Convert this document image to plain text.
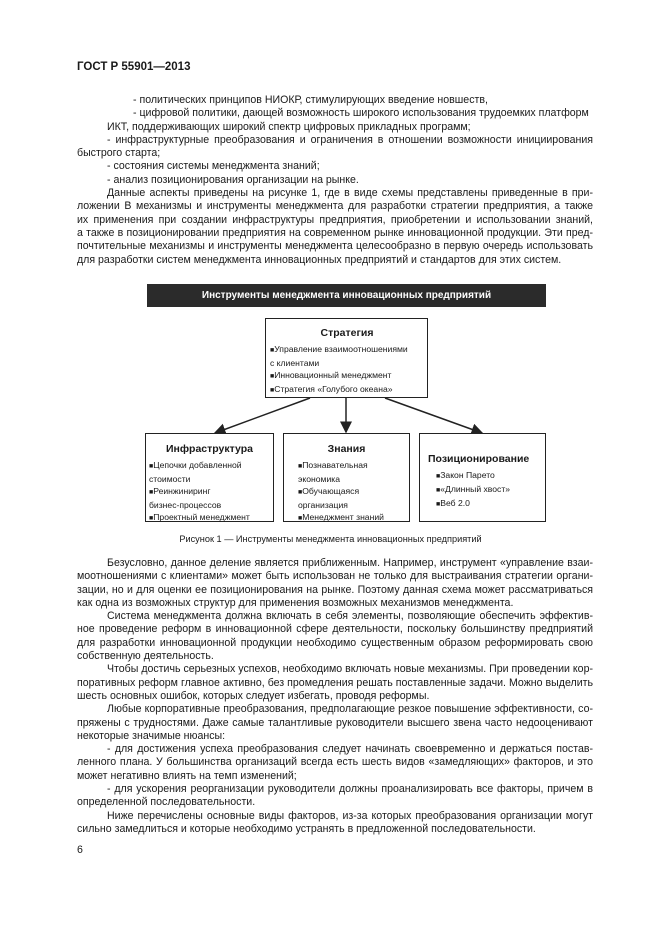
ГОСТ Р 55901—2013
- политических принципов НИОКР, стимулирующих введение новшеств,
- цифровой политики, дающей возможность широкого использования трудоемких платформ
ИКТ, поддерживающих широкий спектр цифровых прикладных программ;
- инфраструктурные преобразования и ограничения в отношении возможности инициирования
быстрого старта;
- состояния системы менеджмента знаний;
- анализ позиционирования организации на рынке.
Данные аспекты приведены на рисунке 1, где в виде схемы представлены приведенные в при-
ложении В механизмы и инструменты менеджмента для разработки стратегии предприятия, а также
их применения при создании инфраструктуры предприятия, приобретении и использовании знаний,
а также в позиционировании предприятия на современном рынке инновационной продукции. Эти пред-
почтительные механизмы и инструменты менеджмента целесообразно в первую очередь использовать
для разработки систем менеджмента инновационных предприятий и стандартов для этих систем.
Инструменты менеджмента инновационных предприятий
Стратегия
■ Управление взаимоотношениями
с клиентами
■ Инновационный менеджмент
■ Стратегия «Голубого океана»
Инфраструктура
■ Цепочки добавленной
стоимости
■ Реинжиниринг
бизнес-процессов
■ Проектный менеджмент
Знания
■ Познавательная
экономика
■ Обучающаяся
организация
■ Менеджмент знаний
Позиционирование
■ Закон Парето
■ «Длинный хвост»
■ Веб 2.0
Рисунок 1 — Инструменты менеджмента инновационных предприятий
Безусловно, данное деление является приближенным. Например, инструмент «управление взаи-
моотношениями с клиентами» может быть использован не только для выстраивания стратегии органи-
зации, но и для оценки ее позиционирования на рынке. Поэтому данная схема может рассматриваться
как одна из возможных структур для применения возможных механизмов менеджмента.
Система менеджмента должна включать в себя элементы, позволяющие обеспечить эффектив-
ное проведение реформ в инновационной сфере деятельности, поскольку большинству предприятий
для разработки инновационной продукции необходимо существенным образом реформировать свою
собственную деятельность.
Чтобы достичь серьезных успехов, необходимо включать новые механизмы. При проведении кор-
поративных реформ главное активно, без промедления решать поставленные задачи. Можно выделить
шесть основных ошибок, которых следует избегать, проводя реформы.
Любые корпоративные преобразования, предполагающие резкое повышение эффективности, со-
пряжены с трудностями. Даже самые талантливые руководители высшего звена часто недооценивают
некоторые значимые нюансы:
- для достижения успеха преобразования следует начинать своевременно и держаться постав-
ленного плана. У большинства организаций всегда есть шесть видов «замедляющих» факторов, и это
может негативно влиять на темп изменений;
- для ускорения реорганизации руководители должны проанализировать все факторы, причем в
определенной последовательности.
Ниже перечислены основные виды факторов, из-за которых преобразования организации могут
сильно замедлиться и которые необходимо устранять в предложенной последовательности.
6
